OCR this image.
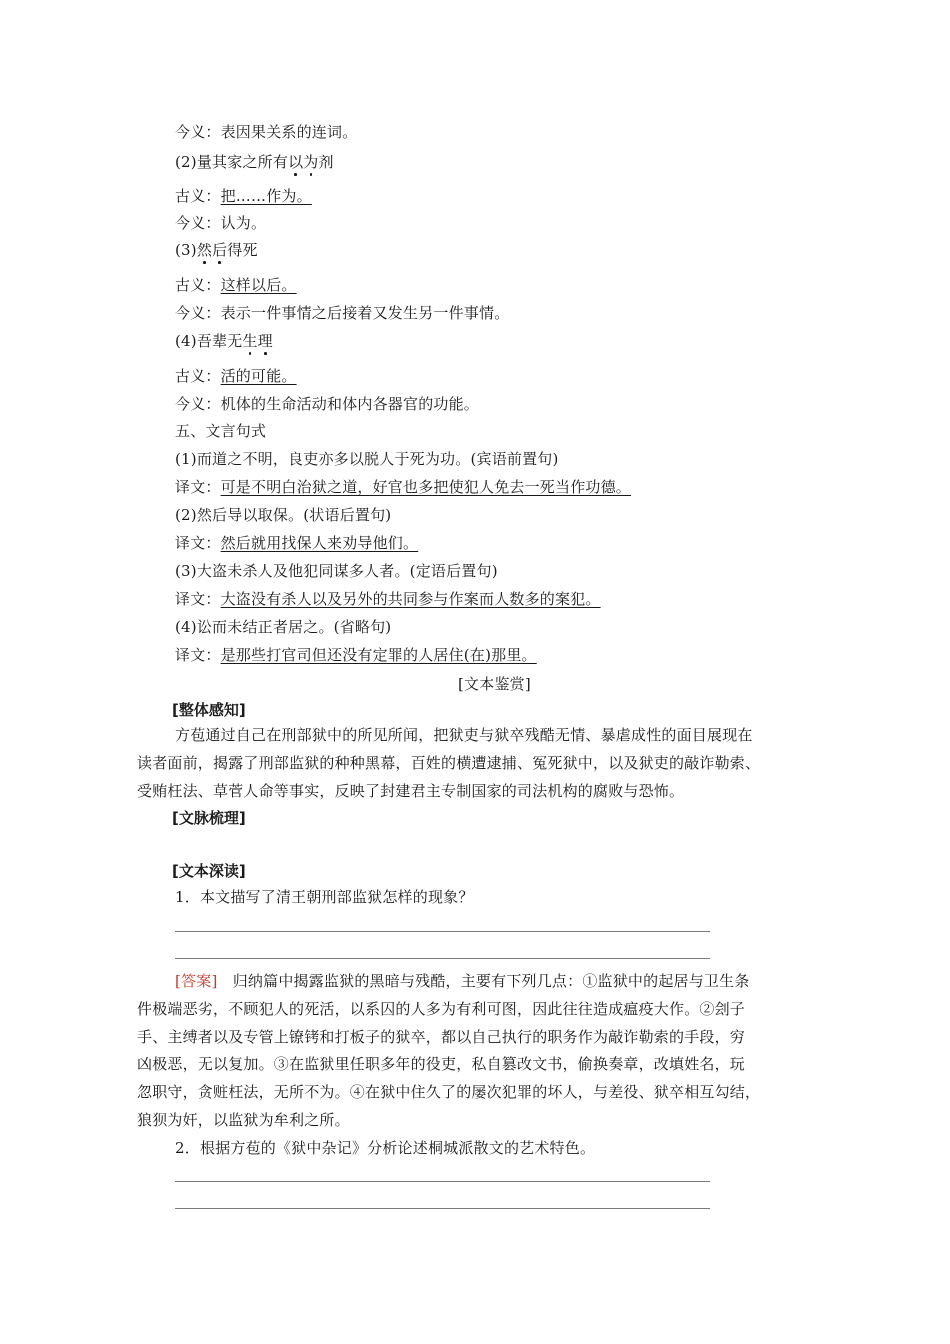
今义：表因果关系的连词。
(2)量其家之所有以为剂
古义：把……作为。
今义：认为。
(3)然后得死
古义：这样以后。
今义：表示一件事情之后接着又发生另一件事情。
(4)吾辈无生理
古义：活的可能。
今义：机体的生命活动和体内各器官的功能。
五、文言句式
(1)而道之不明，良吏亦多以脱人于死为功。(宾语前置句)
译文：可是不明白治狱之道，好官也多把使犯人免去一死当作功德。
(2)然后导以取保。(状语后置句)
译文：然后就用找保人来劝导他们。
(3)大盗未杀人及他犯同谋多人者。(定语后置句)
译文：大盗没有杀人以及另外的共同参与作案而人数多的案犯。
(4)讼而未结正者居之。(省略句)
译文：是那些打官司但还没有定罪的人居住(在)那里。
[文本鉴赏]
[整体感知]
方苞通过自己在刑部狱中的所见所闻，把狱吏与狱卒残酷无情、暴虐成性的面目展现在
读者面前，揭露了刑部监狱的种种黑幕，百姓的横遭逮捕、冤死狱中，以及狱吏的敲诈勒索、
受贿枉法、草菅人命等事实，反映了封建君主专制国家的司法机构的腐败与恐怖。
[文脉梳理]
[文本深读]
1．本文描写了清王朝刑部监狱怎样的现象？
[答案]　归纳篇中揭露监狱的黑暗与残酷，主要有下列几点：①监狱中的起居与卫生条
件极端恶劣，不顾犯人的死活，以系囚的人多为有利可图，因此往往造成瘟疫大作。②刽子
手、主缚者以及专管上镣铐和打板子的狱卒，都以自己执行的职务作为敲诈勒索的手段，穷
凶极恶，无以复加。③在监狱里任职多年的役吏，私自篡改文书，偷换奏章，改填姓名，玩
忽职守，贪赃枉法，无所不为。④在狱中住久了的屡次犯罪的坏人，与差役、狱卒相互勾结，
狼狈为奸，以监狱为牟利之所。
2．根据方苞的《狱中杂记》分析论述桐城派散文的艺术特色。
